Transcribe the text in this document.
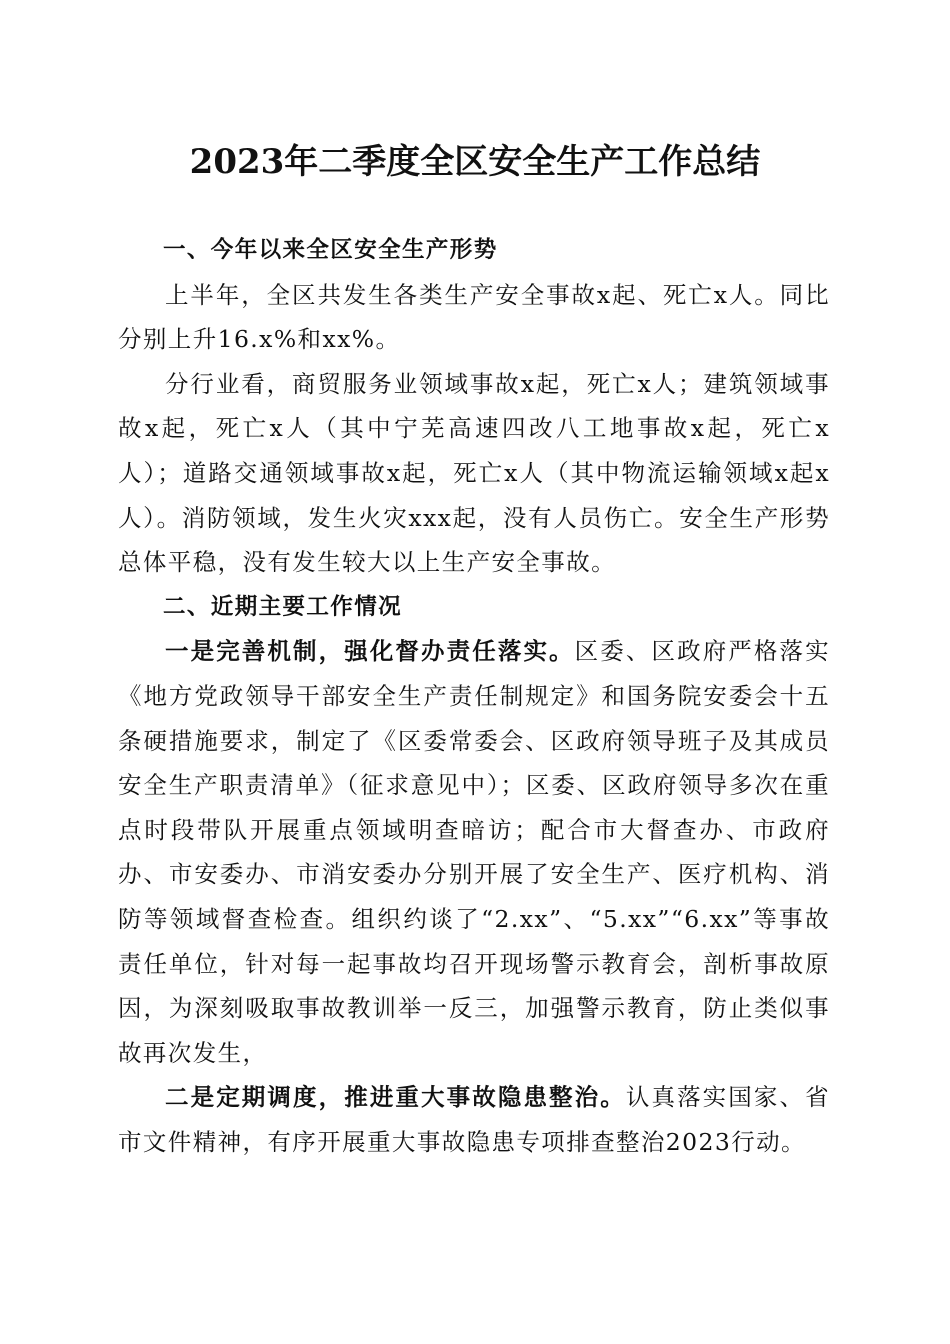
2023年二季度全区安全生产工作总结

一、今年以来全区安全生产形势

上半年，全区共发生各类生产安全事故x起、死亡x人。同比分别上升16.x%和xx%。

分行业看，商贸服务业领域事故x起，死亡x人；建筑领域事故x起，死亡x人（其中宁芜高速四改八工地事故x起，死亡x人）；道路交通领域事故x起，死亡x人（其中物流运输领域x起x人）。消防领域，发生火灾xxx起，没有人员伤亡。安全生产形势总体平稳，没有发生较大以上生产安全事故。

二、近期主要工作情况

一是完善机制，强化督办责任落实。区委、区政府严格落实《地方党政领导干部安全生产责任制规定》和国务院安委会十五条硬措施要求，制定了《区委常委会、区政府领导班子及其成员安全生产职责清单》（征求意见中）；区委、区政府领导多次在重点时段带队开展重点领域明查暗访；配合市大督查办、市政府办、市安委办、市消安委办分别开展了安全生产、医疗机构、消防等领域督查检查。组织约谈了“2.xx”、“5.xx”“6.xx”等事故责任单位，针对每一起事故均召开现场警示教育会，剖析事故原因，为深刻吸取事故教训举一反三，加强警示教育，防止类似事故再次发生，

二是定期调度，推进重大事故隐患整治。认真落实国家、省市文件精神，有序开展重大事故隐患专项排查整治2023行动。
